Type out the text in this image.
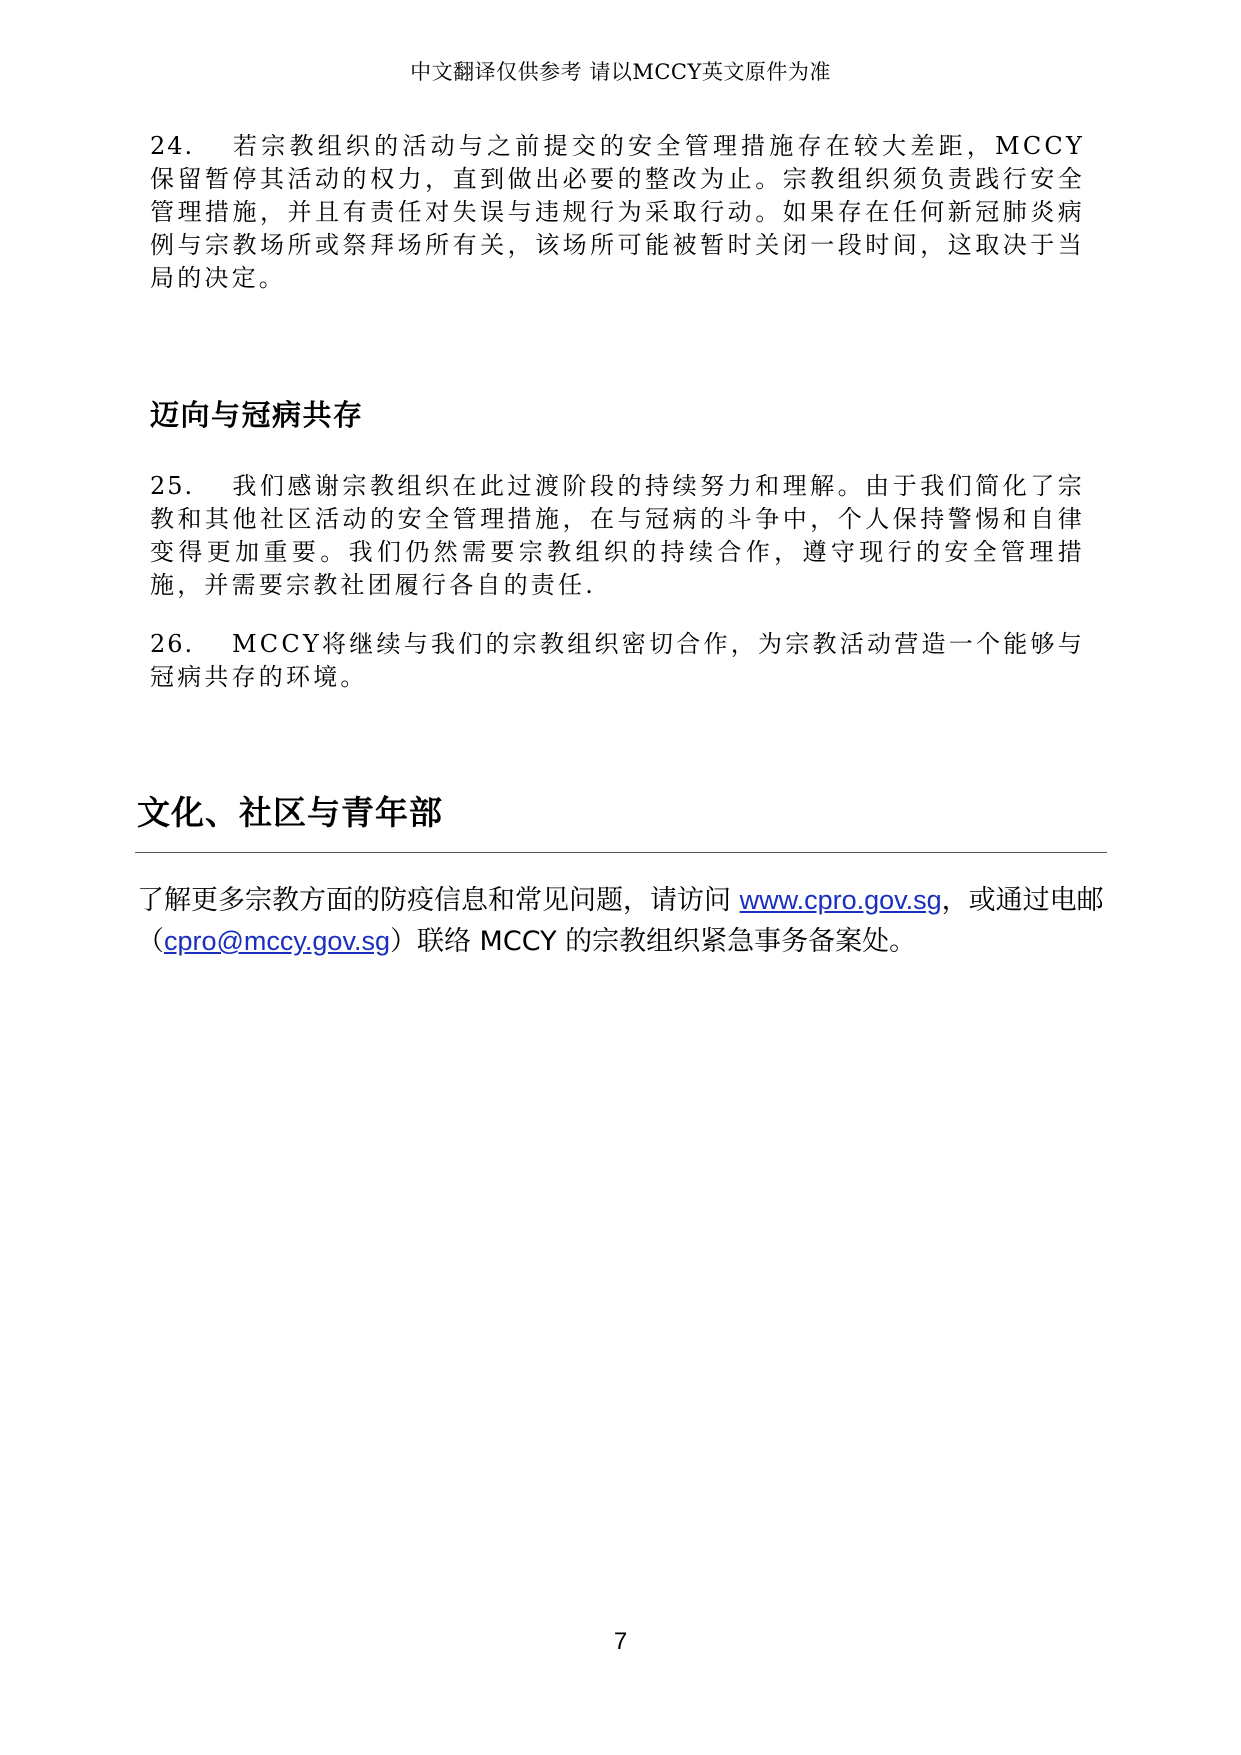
中文翻译仅供参考 请以MCCY英文原件为准
24. 若宗教组织的活动与之前提交的安全管理措施存在较大差距，MCCY 保留暂停其活动的权力，直到做出必要的整改为止。宗教组织须负责践行安全管理措施，并且有责任对失误与违规行为采取行动。如果存在任何新冠肺炎病例与宗教场所或祭拜场所有关，该场所可能被暂时关闭一段时间，这取决于当局的决定。
迈向与冠病共存
25. 我们感谢宗教组织在此过渡阶段的持续努力和理解。由于我们简化了宗教和其他社区活动的安全管理措施，在与冠病的斗争中，个人保持警惕和自律变得更加重要。我们仍然需要宗教组织的持续合作，遵守现行的安全管理措施，并需要宗教社团履行各自的责任.
26. MCCY将继续与我们的宗教组织密切合作，为宗教活动营造一个能够与冠病共存的环境。
文化、社区与青年部
了解更多宗教方面的防疫信息和常见问题，请访问 www.cpro.gov.sg，或通过电邮（cpro@mccy.gov.sg）联络 MCCY 的宗教组织紧急事务备案处。
7
